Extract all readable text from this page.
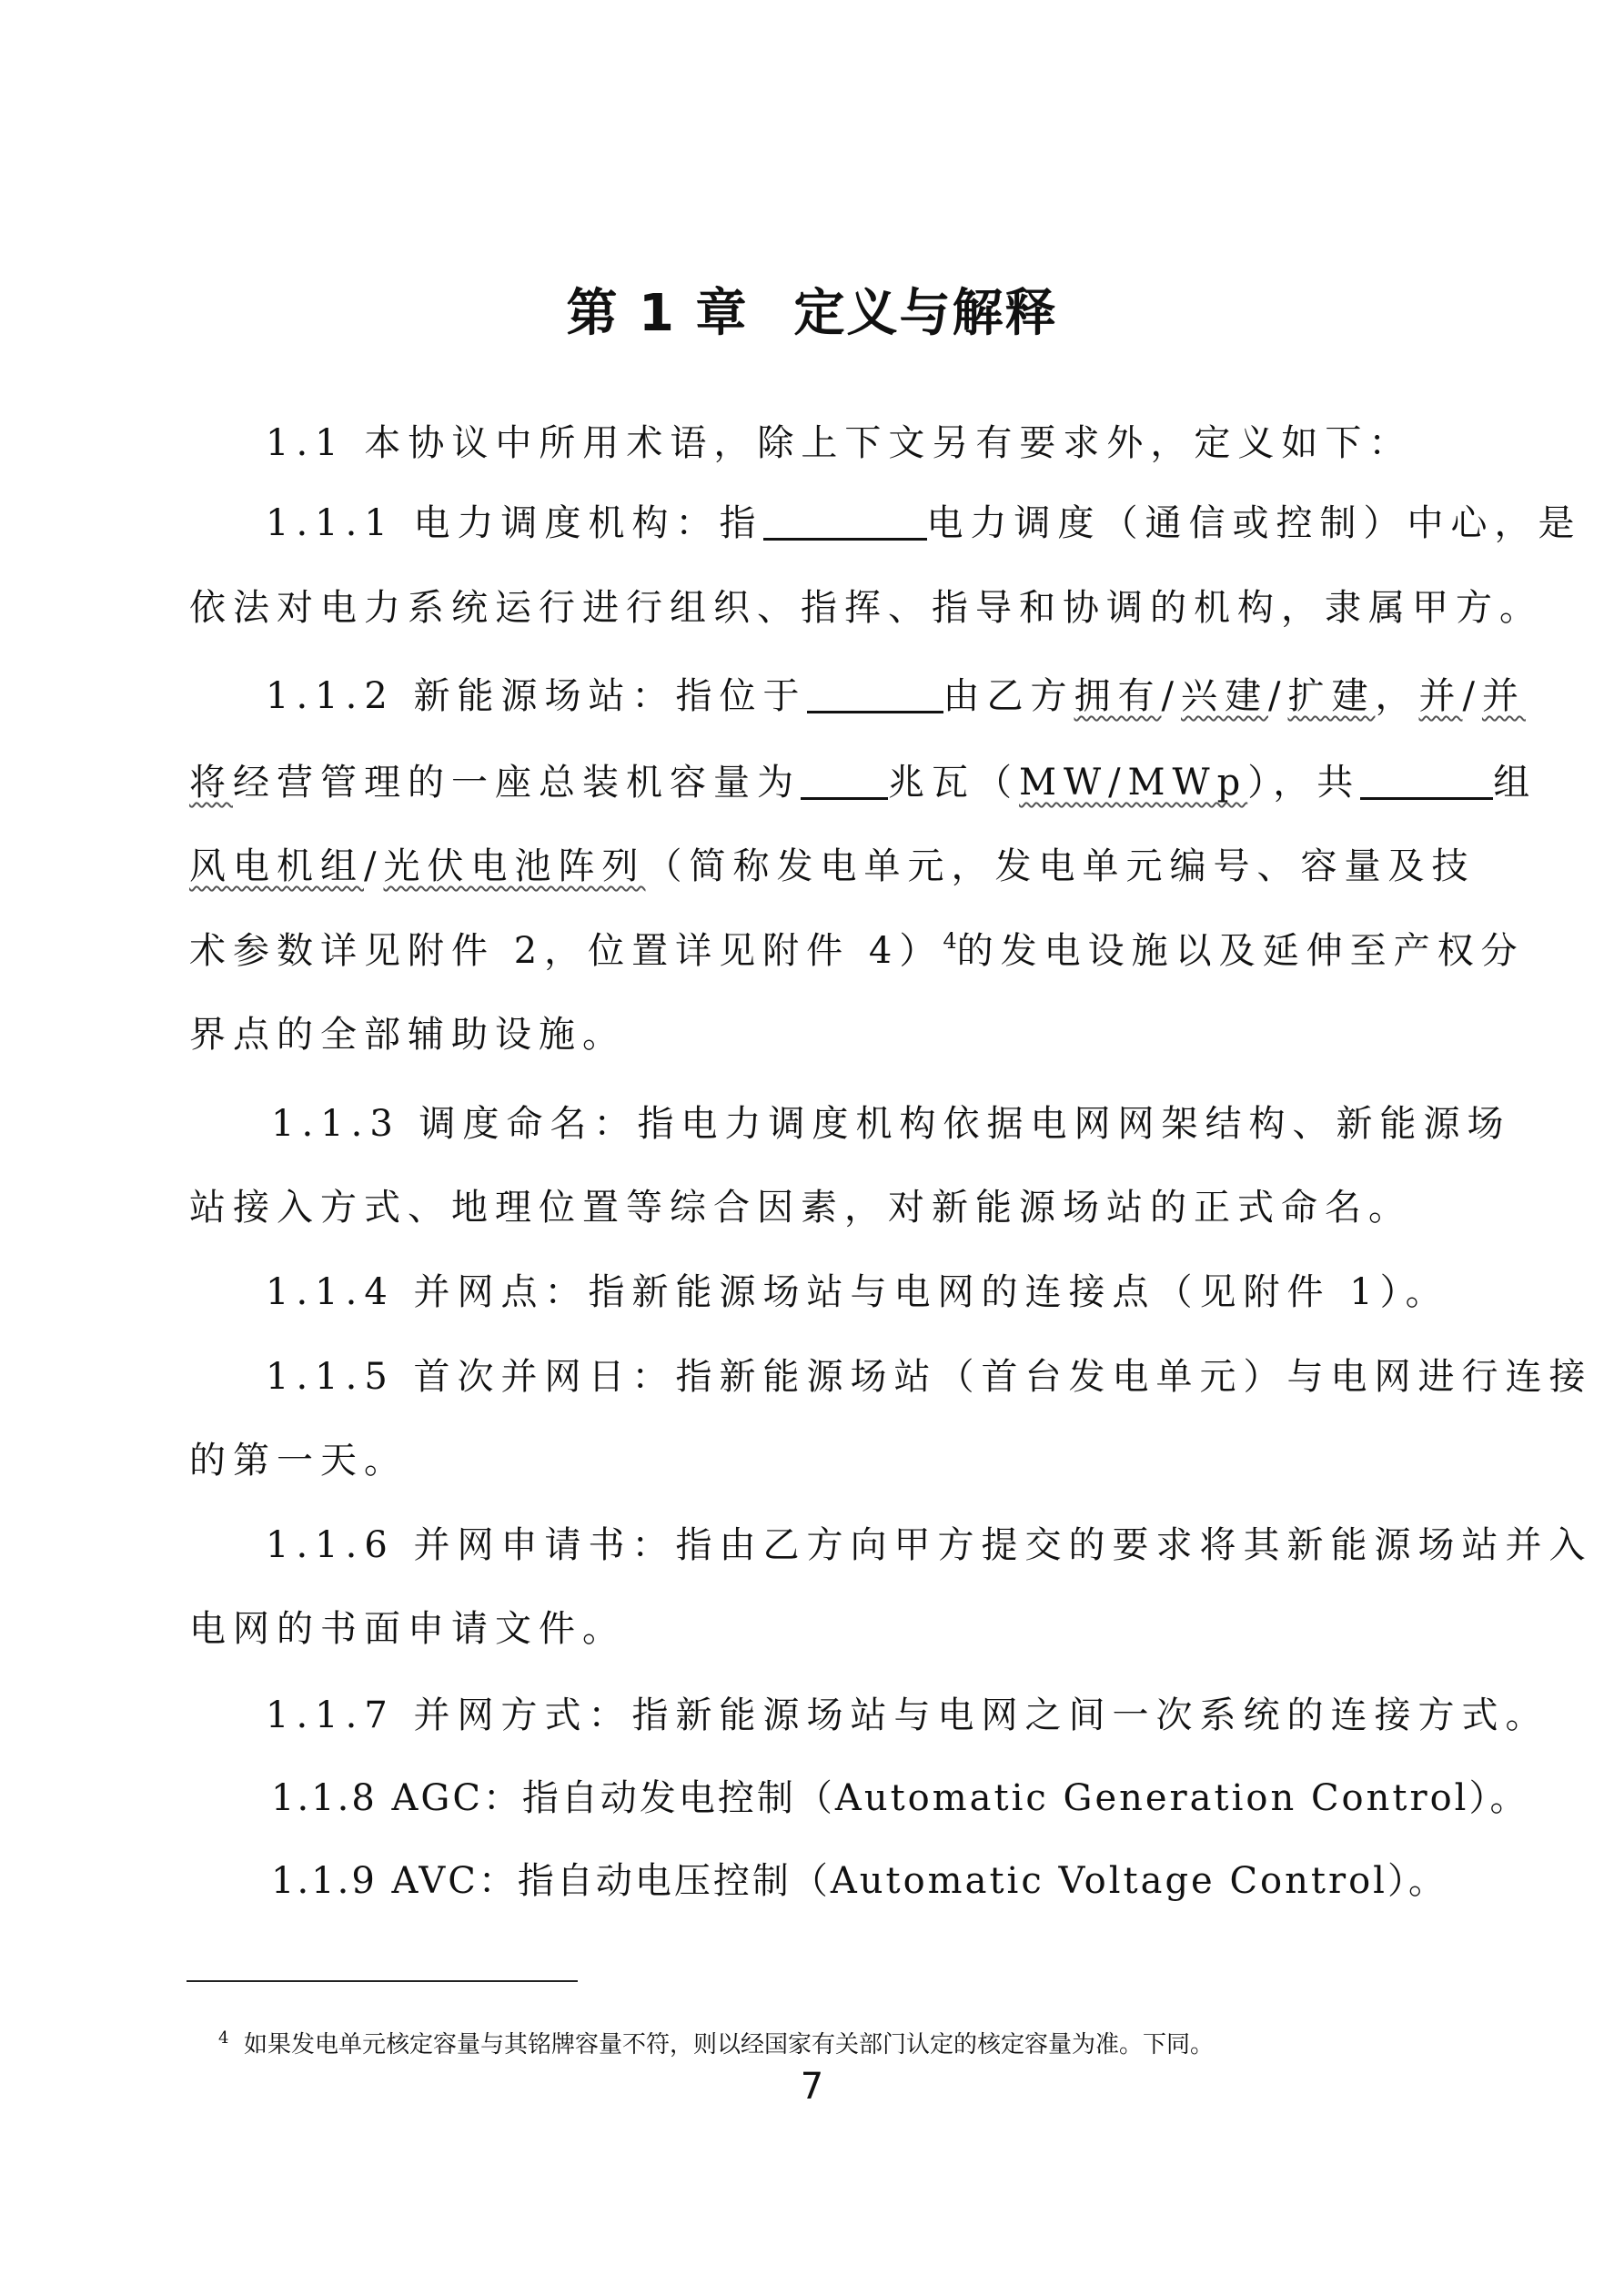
第 1 章 定义与解释
1.1 本协议中所用术语，除上下文另有要求外，定义如下：
1.1.1 电力调度机构：指	电力调度（通信或控制）中心，是
依法对电力系统运行进行组织、指挥、指导和协调的机构，隶属甲方。
1.1.2 新能源场站：指位于	由乙方拥有/兴建/扩建，并/并
将经营管理的一座总装机容量为 兆瓦（MW/MWp），共	组
风电机组/光伏电池阵列（简称发电单元，发电单元编号、容量及技
术参数详见附件 2，位置详见附件 4）$^4$的发电设施以及延伸至产权分
界点的全部辅助设施。
1.1.3 调度命名：指电力调度机构依据电网网架结构、新能源场
站接入方式、地理位置等综合因素，对新能源场站的正式命名。
1.1.4 并网点：指新能源场站与电网的连接点（见附件 1）。
1.1.5 首次并网日：指新能源场站（首台发电单元）与电网进行连接
的第一天。
1.1.6 并网申请书：指由乙方向甲方提交的要求将其新能源场站并入
电网的书面申请文件。
1.1.7 并网方式：指新能源场站与电网之间一次系统的连接方式。
1.1.8 AGC：指自动发电控制（Automatic Generation Control）。
1.1.9 AVC：指自动电压控制（Automatic Voltage Control）。
$^4$ 如果发电单元核定容量与其铭牌容量不符，则以经国家有关部门认定的核定容量为准。下同。
7
